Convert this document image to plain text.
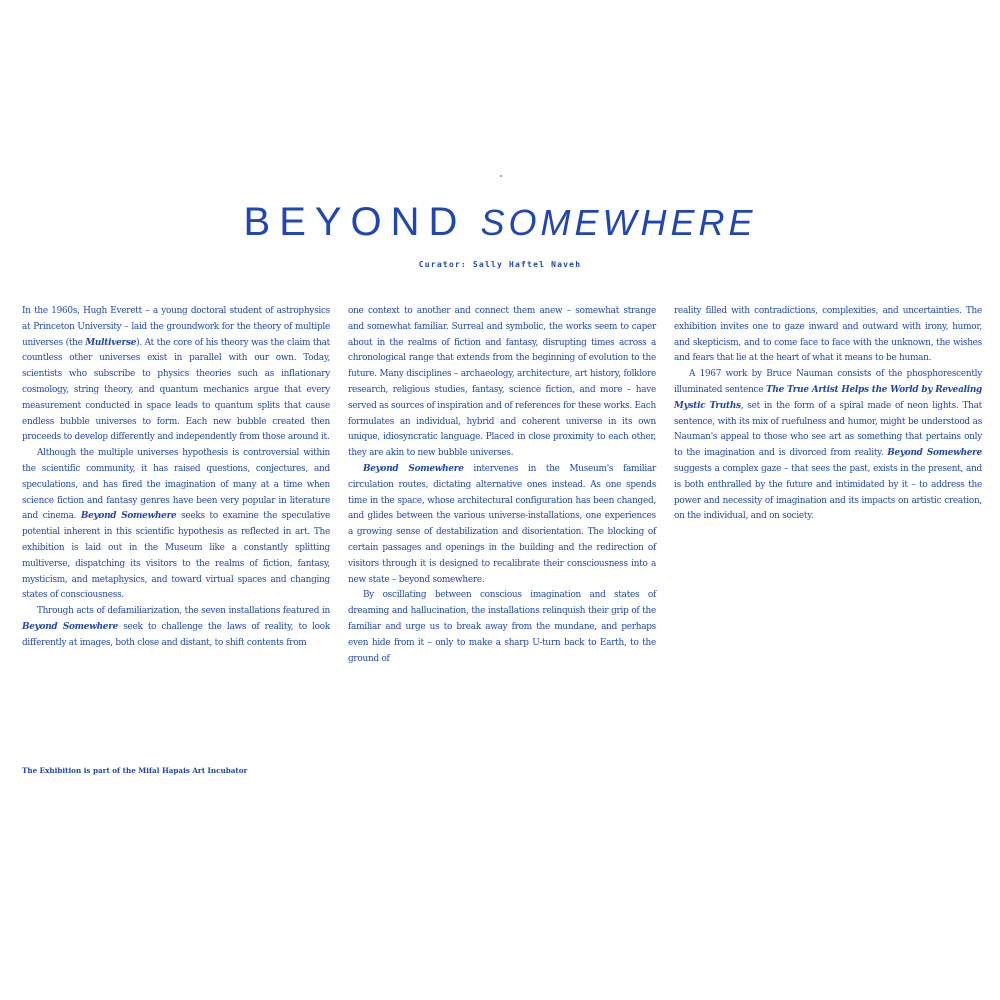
BEYOND SOMEWHERE
Curator: Sally Haftel Naveh

In the 1960s, Hugh Everett – a young doctoral student of astrophysics at Princeton University – laid the groundwork for the theory of multiple universes (the Multiverse). At the core of his theory was the claim that countless other universes exist in parallel with our own. Today, scientists who subscribe to physics theories such as inflationary cosmology, string theory, and quantum mechanics argue that every measurement conducted in space leads to quantum splits that cause endless bubble universes to form. Each new bubble created then proceeds to develop differently and independently from those around it.

Although the multiple universes hypothesis is controversial within the scientific community, it has raised questions, conjectures, and speculations, and has fired the imagination of many at a time when science fiction and fantasy genres have been very popular in literature and cinema. Beyond Somewhere seeks to examine the speculative potential inherent in this scientific hypothesis as reflected in art. The exhibition is laid out in the Museum like a constantly splitting multiverse, dispatching its visitors to the realms of fiction, fantasy, mysticism, and metaphysics, and toward virtual spaces and changing states of consciousness.

Through acts of defamiliarization, the seven installations featured in Beyond Somewhere seek to challenge the laws of reality, to look differently at images, both close and distant, to shift contents from

one context to another and connect them anew – somewhat strange and somewhat familiar. Surreal and symbolic, the works seem to caper about in the realms of fiction and fantasy, disrupting times across a chronological range that extends from the beginning of evolution to the future. Many disciplines – archaeology, architecture, art history, folklore research, religious studies, fantasy, science fiction, and more – have served as sources of inspiration and of references for these works. Each formulates an individual, hybrid and coherent universe in its own unique, idiosyncratic language. Placed in close proximity to each other, they are akin to new bubble universes.

Beyond Somewhere intervenes in the Museum's familiar circulation routes, dictating alternative ones instead. As one spends time in the space, whose architectural configuration has been changed, and glides between the various universe-installations, one experiences a growing sense of destabilization and disorientation. The blocking of certain passages and openings in the building and the redirection of visitors through it is designed to recalibrate their consciousness into a new state – beyond somewhere.

By oscillating between conscious imagination and states of dreaming and hallucination, the installations relinquish their grip of the familiar and urge us to break away from the mundane, and perhaps even hide from it – only to make a sharp U-turn back to Earth, to the ground of

reality filled with contradictions, complexities, and uncertainties. The exhibition invites one to gaze inward and outward with irony, humor, and skepticism, and to come face to face with the unknown, the wishes and fears that lie at the heart of what it means to be human.

A 1967 work by Bruce Nauman consists of the phosphorescently illuminated sentence The True Artist Helps the World by Revealing Mystic Truths, set in the form of a spiral made of neon lights. That sentence, with its mix of ruefulness and humor, might be understood as Nauman's appeal to those who see art as something that pertains only to the imagination and is divorced from reality. Beyond Somewhere suggests a complex gaze – that sees the past, exists in the present, and is both enthralled by the future and intimidated by it – to address the power and necessity of imagination and its impacts on artistic creation, on the individual, and on society.

The Exhibition is part of the Mifal Hapais Art Incubator
